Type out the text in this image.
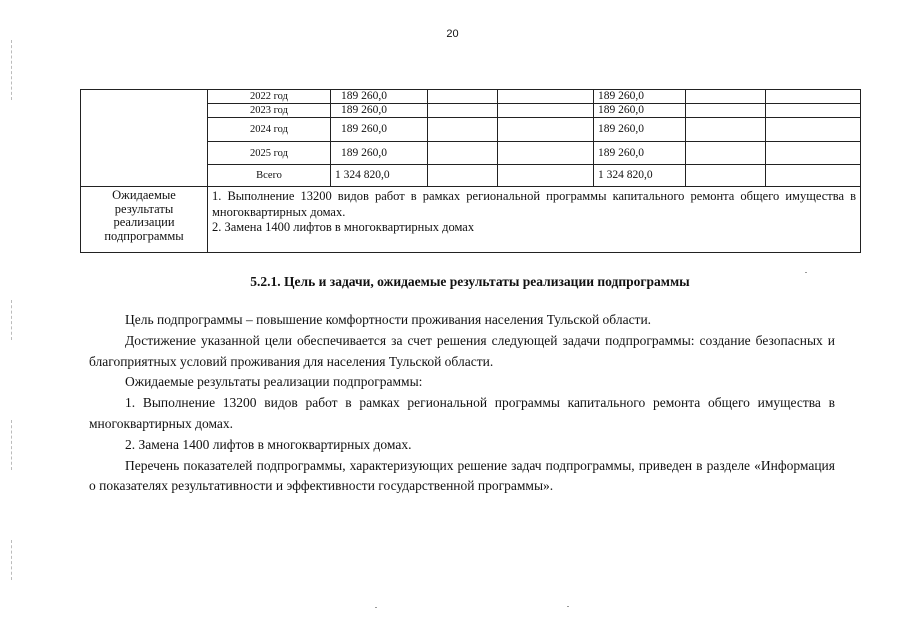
20
	2022 год	189 260,0			189 260,0		
	2023 год	189 260,0			189 260,0		
	2024 год	189 260,0			189 260,0		
	2025 год	189 260,0			189 260,0		
	Всего	1 324 820,0			1 324 820,0		
Ожидаемые результаты реализации подпрограммы	1. Выполнение 13200 видов работ в рамках региональной программы капитального ремонта общего имущества в многоквартирных домах.
2. Замена 1400 лифтов в многоквартирных домах						
5.2.1. Цель и задачи, ожидаемые результаты реализации подпрограммы

Цель подпрограммы – повышение комфортности проживания населения Тульской области.

Достижение указанной цели обеспечивается за счет решения следующей задачи подпрограммы: создание безопасных и благоприятных условий проживания для населения Тульской области.

Ожидаемые результаты реализации подпрограммы:

1. Выполнение 13200 видов работ в рамках региональной программы капитального ремонта общего имущества в многоквартирных домах.

2. Замена 1400 лифтов в многоквартирных домах.

Перечень показателей подпрограммы, характеризующих решение задач подпрограммы, приведен в разделе «Информация о показателях результативности и эффективности государственной программы».
